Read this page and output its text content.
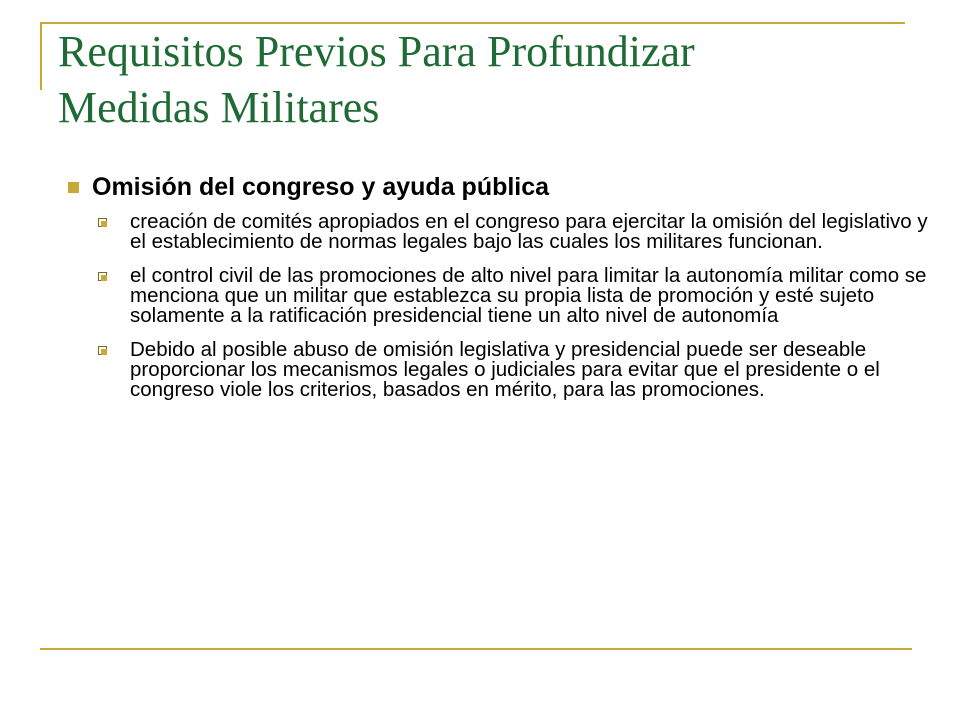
Requisitos Previos Para Profundizar
Medidas Militares
Omisión del congreso y ayuda pública
creación de comités apropiados en el congreso para ejercitar la omisión del legislativo y el establecimiento de normas legales bajo las cuales los militares funcionan.
el control civil de las promociones de alto nivel para limitar la autonomía militar como se menciona que un militar que establezca su propia lista de promoción y esté sujeto solamente a la ratificación presidencial tiene un alto nivel de autonomía
Debido al posible abuso de omisión legislativa y presidencial puede ser deseable proporcionar los mecanismos legales o judiciales para evitar que el presidente o el congreso viole los criterios, basados en mérito, para las promociones.
